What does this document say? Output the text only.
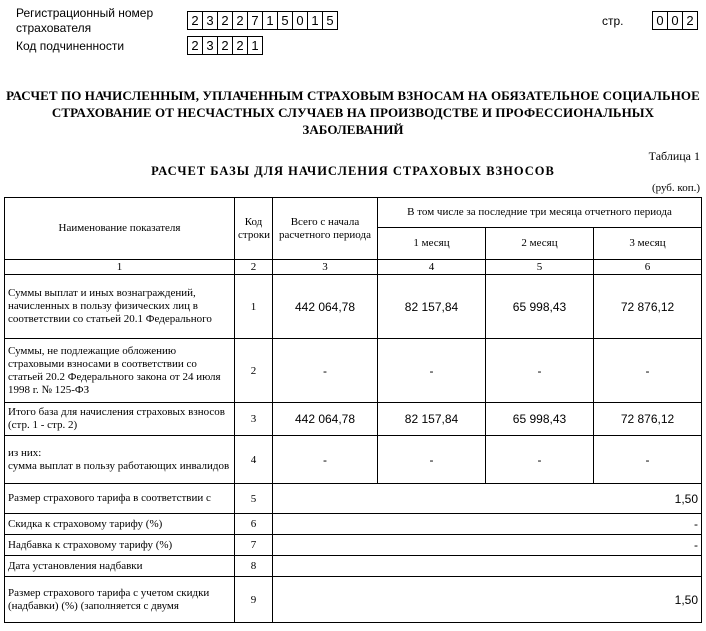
Регистрационный номер
страхователя	2 3 2 2 7 1 5 0 1 5	стр.	0 0 2
Код подчиненности	2 3 2 2 1
РАСЧЕТ ПО НАЧИСЛЕННЫМ, УПЛАЧЕННЫМ СТРАХОВЫМ ВЗНОСАМ НА ОБЯЗАТЕЛЬНОЕ СОЦИАЛЬНОЕ
СТРАХОВАНИЕ ОТ НЕСЧАСТНЫХ СЛУЧАЕВ НА ПРОИЗВОДСТВЕ И ПРОФЕССИОНАЛЬНЫХ ЗАБОЛЕВАНИЙ
Таблица 1
РАСЧЕТ БАЗЫ ДЛЯ НАЧИСЛЕНИЯ СТРАХОВЫХ ВЗНОСОВ
(руб. коп.)
Наименование показателя	Код строки	Всего с начала расчетного периода	В том числе за последние три месяца отчетного периода		
			1 месяц	2 месяц	3 месяц
1	2	3	4	5	6
Суммы выплат и иных вознаграждений, начисленных в пользу физических лиц в соответствии со статьей 20.1 Федерального	1	442 064,78	82 157,84	65 998,43	72 876,12
Суммы, не подлежащие обложению страховыми взносами в соответствии со статьей 20.2 Федерального закона от 24 июля 1998 г. № 125-ФЗ	2	-	-	-	-
Итого база для начисления страховых взносов (стр. 1 - стр. 2)	3	442 064,78	82 157,84	65 998,43	72 876,12

из них:
сумма выплат в пользу работающих инвалидов	4	-	-	-	-
Размер страхового тарифа в соответствии с	5	1,50			
Скидка к страховому тарифу (%)	6	-			
Надбавка к страховому тарифу (%)	7	-			
Дата установления надбавки	8				
Размер страхового тарифа с учетом скидки (надбавки) (%) (заполняется с двумя	9	1,50			
